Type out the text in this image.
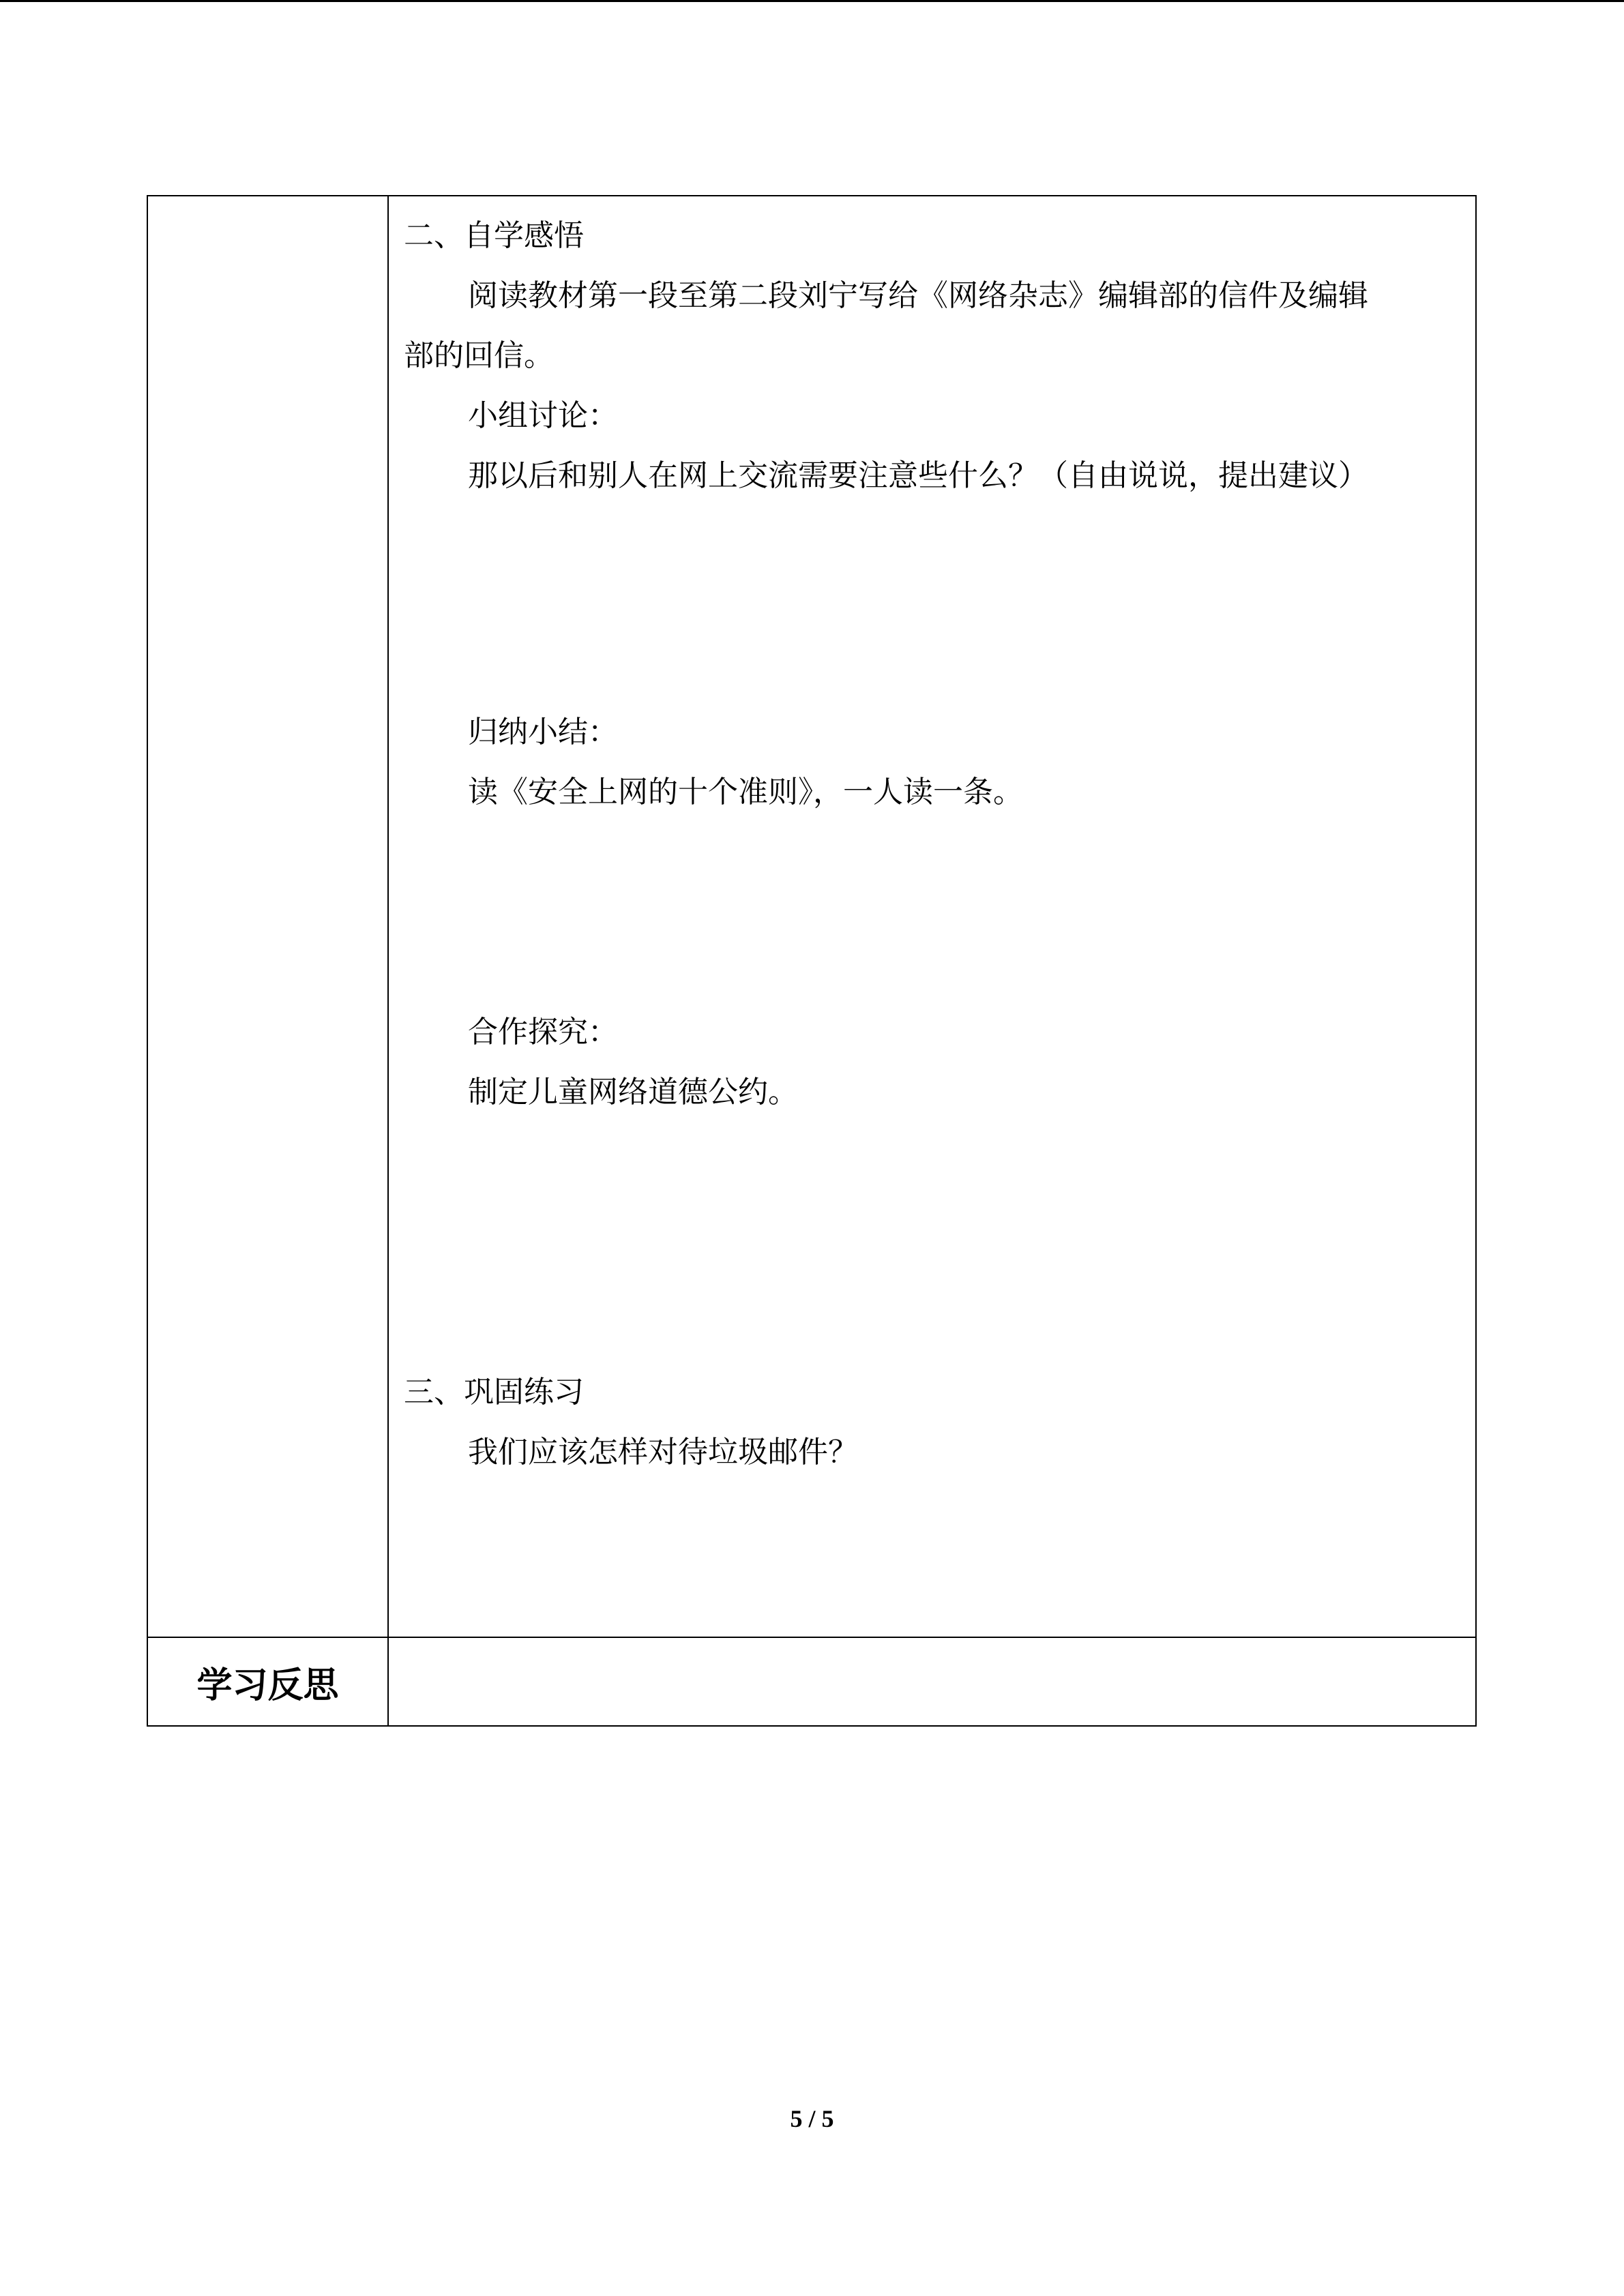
二、自学感悟
阅读教材第一段至第二段刘宁写给《网络杂志》编辑部的信件及编辑
部的回信。
小组讨论：
那以后和别人在网上交流需要注意些什么？（自由说说，提出建议）
归纳小结：
读《安全上网的十个准则》，一人读一条。
合作探究：
制定儿童网络道德公约。
三、巩固练习
我们应该怎样对待垃圾邮件？
学习反思
5 / 5
